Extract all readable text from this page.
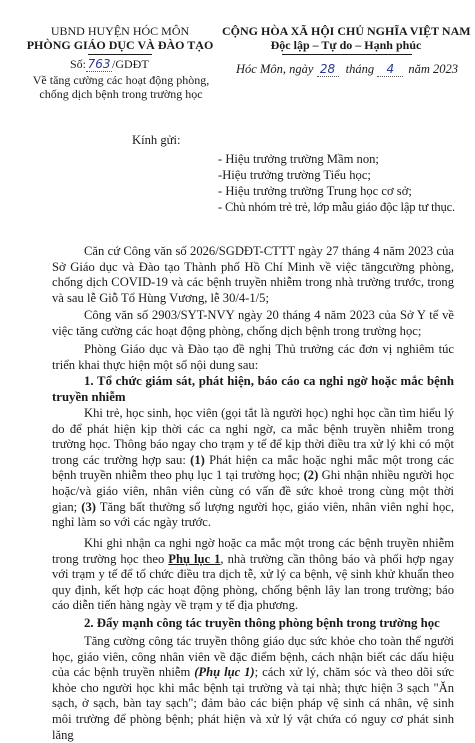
UBND HUYỆN HÓC MÔN
PHÒNG GIÁO DỤC VÀ ĐÀO TẠO
Số: 763 /GDĐT
Về tăng cường các hoạt động phòng,
chống dịch bệnh trong trường học
CỘNG HÒA XÃ HỘI CHỦ NGHĨA VIỆT NAM
Độc lập – Tự do – Hạnh phúc
Hóc Môn, ngày 28 tháng 4 năm 2023
Kính gửi:
- Hiệu trưởng trường Mầm non;
-Hiệu trưởng trường Tiểu học;
- Hiệu trưởng trường Trung học cơ sở;
- Chủ nhóm trẻ trẻ, lớp mẫu giáo độc lập tư thục.

Căn cứ Công văn số 2026/SGDĐT-CTTT ngày 27 tháng 4 năm 2023 của Sở Giáo dục và Đào tạo Thành phố Hồ Chí Minh về việc tăngcường phòng, chống dịch COVID-19 và các bệnh truyền nhiễm trong nhà trường trước, trong và sau lễ Giỗ Tổ Hùng Vương, lễ 30/4-1/5;

Công văn số 2903/SYT-NVY ngày 20 tháng 4 năm 2023 của Sở Y tế về việc tăng cường các hoạt động phòng, chống dịch bệnh trong trường học;

Phòng Giáo dục và Đào tạo đề nghị Thủ trưởng các đơn vị nghiêm túc triển khai thực hiện một số nội dung sau:

1. Tổ chức giám sát, phát hiện, báo cáo ca nghi ngờ hoặc mắc bệnh truyền nhiễm

Khi trẻ, học sinh, học viên (gọi tắt là người học) nghỉ học cần tìm hiểu lý do để phát hiện kịp thời các ca nghi ngờ, ca mắc bệnh truyền nhiễm trong trường học. Thông báo ngay cho trạm y tế để kịp thời điều tra xử lý khi có một trong các trường hợp sau: (1) Phát hiện ca mắc hoặc nghi mắc một trong các bệnh truyền nhiễm theo phụ lục 1 tại trường học; (2) Ghi nhận nhiều người học hoặc/và giáo viên, nhân viên cùng có vấn đề sức khoẻ trong cùng một thời gian; (3) Tăng bất thường số lượng người học, giáo viên, nhân viên nghỉ học, nghỉ làm so với các ngày trước.

Khi ghi nhận ca nghi ngờ hoặc ca mắc một trong các bệnh truyền nhiễm trong trường học theo Phụ lục 1, nhà trường cần thông báo và phối hợp ngay với trạm y tế để tổ chức điều tra dịch tễ, xử lý ca bệnh, vệ sinh khử khuẩn theo quy định, kết hợp các hoạt động phòng, chống bệnh lây lan trong trường; báo cáo diễn tiến hàng ngày về trạm y tế địa phương.

2. Đẩy mạnh công tác truyền thông phòng bệnh trong trường học

Tăng cường công tác truyền thông giáo dục sức khỏe cho toàn thể người học, giáo viên, công nhân viên về đặc điểm bệnh, cách nhận biết các dấu hiệu của các bệnh truyền nhiễm (Phụ lục 1); cách xử lý, chăm sóc và theo dõi sức khỏe cho người học khi mắc bệnh tại trường và tại nhà; thực hiện 3 sạch "Ăn sạch, ở sạch, bàn tay sạch"; đảm bảo các biện pháp vệ sinh cá nhân, vệ sinh môi trường để phòng bệnh; phát hiện và xử lý vật chứa có nguy cơ phát sinh lăng
